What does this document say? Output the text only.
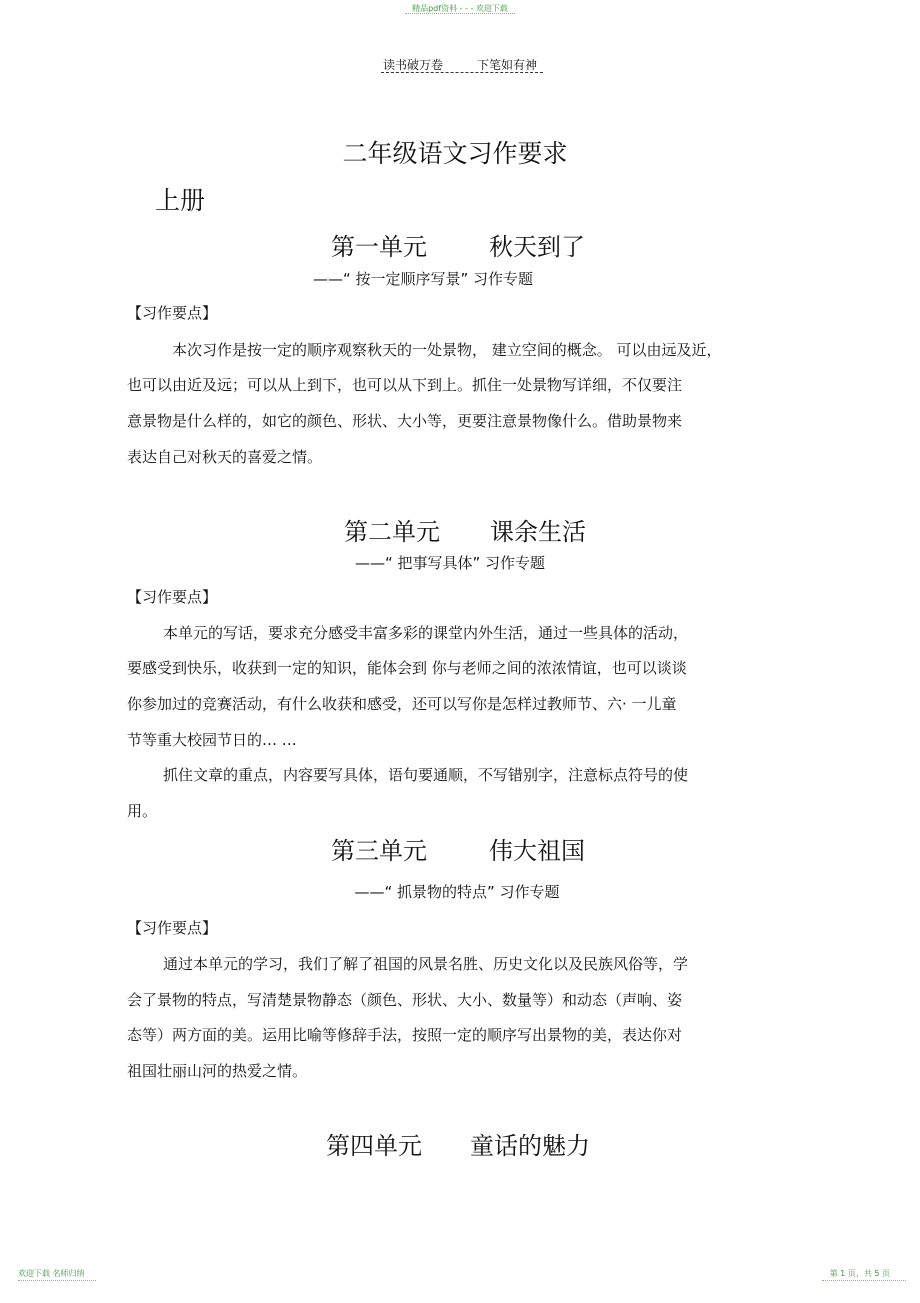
精品pdf资料 - - - 欢迎下载
读书破万卷	下笔如有神
二年级语文习作要求
上册
第一单元	秋天到了
——“ 按一定顺序写景” 习作专题
【习作要点】
本次习作是按一定的顺序观察秋天的一处景物， 建立空间的概念。 可以由远及近，
也可以由近及远；可以从上到下，也可以从下到上。抓住一处景物写详细，不仅要注
意景物是什么样的，如它的颜色、形状、大小等，更要注意景物像什么。借助景物来
表达自己对秋天的喜爱之情。
第二单元 课余生活
——“ 把事写具体” 习作专题
【习作要点】
本单元的写话，要求充分感受丰富多彩的课堂内外生活，通过一些具体的活动，
要感受到快乐，收获到一定的知识，能体会到 你与老师之间的浓浓情谊，也可以谈谈
你参加过的竞赛活动，有什么收获和感受，还可以写你是怎样过教师节、六· 一儿童
节等重大校园节日的… …
抓住文章的重点，内容要写具体，语句要通顺，不写错别字，注意标点符号的使
用。
第三单元	伟大祖国
——“ 抓景物的特点” 习作专题
【习作要点】
通过本单元的学习，我们了解了祖国的风景名胜、历史文化以及民族风俗等，学
会了景物的特点，写清楚景物静态（颜色、形状、大小、数量等）和动态（声响、姿
态等）两方面的美。运用比喻等修辞手法，按照一定的顺序写出景物的美，表达你对
祖国壮丽山河的热爱之情。
第四单元 童话的魅力
欢迎下载 名师归纳	第 1 页，共 5 页
